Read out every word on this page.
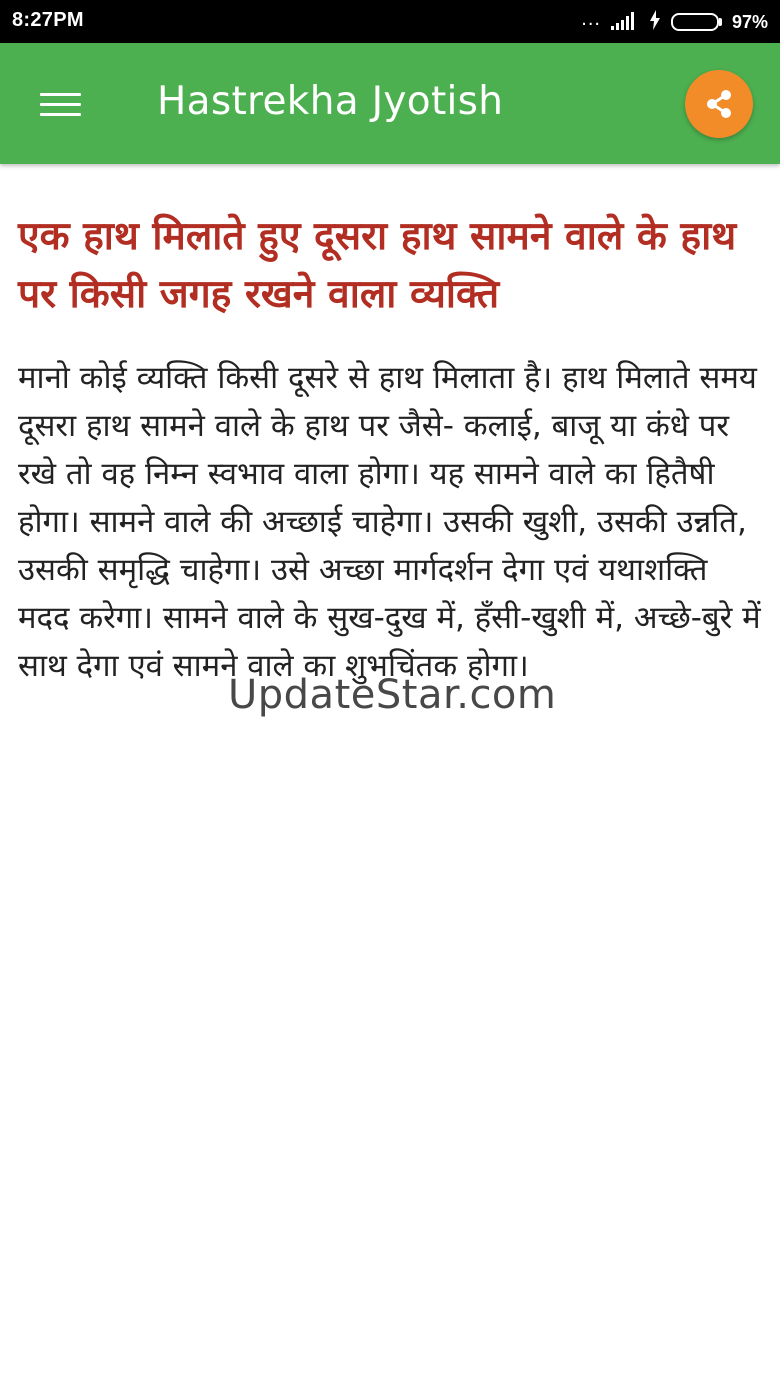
8:27PM	...	97%
Hastrekha Jyotish
एक हाथ मिलाते हुए दूसरा हाथ सामने वाले के हाथ पर किसी जगह रखने वाला व्यक्ति

मानो कोई व्यक्ति किसी दूसरे से हाथ मिलाता है। हाथ मिलाते समय दूसरा हाथ सामने वाले के हाथ पर जैसे- कलाई, बाजू या कंधे पर रखे तो वह निम्न स्वभाव वाला होगा। यह सामने वाले का हितैषी होगा। सामने वाले की अच्छाई चाहेगा। उसकी खुशी, उसकी उन्नति, उसकी समृद्धि चाहेगा। उसे अच्छा मार्गदर्शन देगा एवं यथाशक्ति मदद करेगा। सामने वाले के सुख-दुख में, हँसी-खुशी में, अच्छे-बुरे में साथ देगा एवं सामने वाले का शुभचिंतक होगा।

UpdateStar.com
